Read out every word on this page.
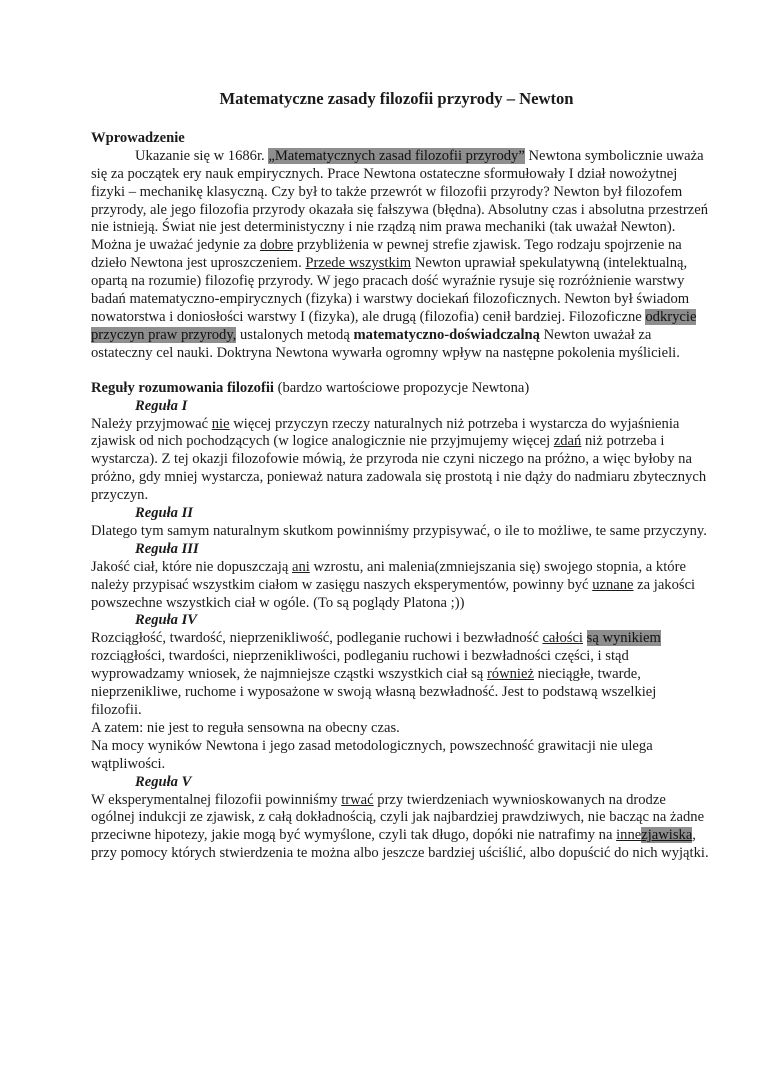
Matematyczne zasady filozofii przyrody – Newton
Wprowadzenie

Ukazanie się w 1686r. „Matematycznych zasad filozofii przyrody” Newtona symbolicznie uważa się za początek ery nauk empirycznych. Prace Newtona ostateczne sformułowały I dział nowożytnej fizyki – mechanikę klasyczną. Czy był to także przewrót w filozofii przyrody? Newton był filozofem przyrody, ale jego filozofia przyrody okazała się fałszywa (błędna). Absolutny czas i absolutna przestrzeń nie istnieją. Świat nie jest deterministyczny i nie rządzą nim prawa mechaniki (tak uważał Newton). Można je uważać jedynie za dobre przybliżenia w pewnej strefie zjawisk. Tego rodzaju spojrzenie na dzieło Newtona jest uproszczeniem. Przede wszystkim Newton uprawiał spekulatywną (intelektualną, opartą na rozumie) filozofię przyrody. W jego pracach dość wyraźnie rysuje się rozróżnienie warstwy badań matematyczno-empirycznych (fizyka) i warstwy dociekań filozoficznych. Newton był świadom nowatorstwa i doniosłości warstwy I (fizyka), ale drugą (filozofia) cenił bardziej. Filozoficzne odkrycie przyczyn praw przyrody, ustalonych metodą matematyczno-doświadczalną Newton uważał za ostateczny cel nauki. Doktryna Newtona wywarła ogromny wpływ na następne pokolenia myślicieli.

Reguły rozumowania filozofii (bardzo wartościowe propozycje Newtona)
Reguła I

Należy przyjmować nie więcej przyczyn rzeczy naturalnych niż potrzeba i wystarcza do wyjaśnienia zjawisk od nich pochodzących (w logice analogicznie nie przyjmujemy więcej zdań niż potrzeba i wystarcza). Z tej okazji filozofowie mówią, że przyroda nie czyni niczego na próżno, a więc byłoby na próżno, gdy mniej wystarcza, ponieważ natura zadowala się prostotą i nie dąży do nadmiaru zbytecznych przyczyn.

Reguła II

Dlatego tym samym naturalnym skutkom powinniśmy przypisywać, o ile to możliwe, te same przyczyny.

Reguła III

Jakość ciał, które nie dopuszczają ani wzrostu, ani malenia(zmniejszania się) swojego stopnia, a które należy przypisać wszystkim ciałom w zasięgu naszych eksperymentów, powinny być uznane za jakości powszechne wszystkich ciał w ogóle. (To są poglądy Platona ;))

Reguła IV

Rozciągłość, twardość, nieprzenikliwość, podleganie ruchowi i bezwładność całości są wynikiem rozciągłości, twardości, nieprzenikliwości, podleganiu ruchowi i bezwładności części, i stąd wyprowadzamy wniosek, że najmniejsze cząstki wszystkich ciał są również nieciągłe, twarde, nieprzenikliwe, ruchome i wyposażone w swoją własną bezwładność. Jest to podstawą wszelkiej filozofii.

A zatem: nie jest to reguła sensowna na obecny czas.

Na mocy wyników Newtona i jego zasad metodologicznych, powszechność grawitacji nie ulega wątpliwości.

Reguła V

W eksperymentalnej filozofii powinniśmy trwać przy twierdzeniach wywnioskowanych na drodze ogólnej indukcji ze zjawisk, z całą dokładnością, czyli jak najbardziej prawdziwych, nie bacząc na żadne przeciwne hipotezy, jakie mogą być wymyślone, czyli tak długo, dopóki nie natrafimy na innezjawiska, przy pomocy których stwierdzenia te można albo jeszcze bardziej uściślić, albo dopuścić do nich wyjątki.
